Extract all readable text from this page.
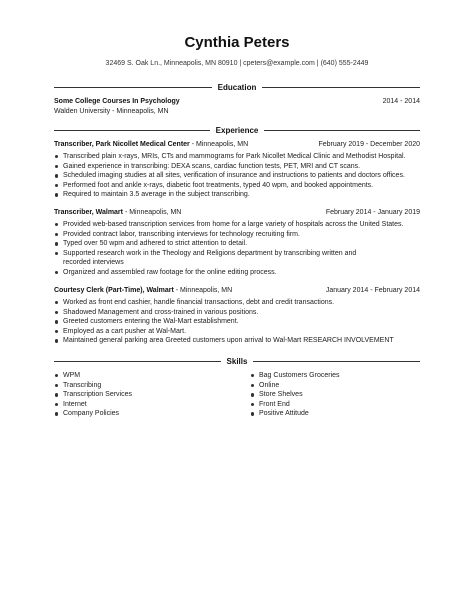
Cynthia Peters
32469 S. Oak Ln., Minneapolis, MN 80910 | cpeters@example.com | (640) 555-2449
Education
Some College Courses In Psychology	2014 - 2014
Walden University - Minneapolis, MN
Experience
Transcriber, Park Nicollet Medical Center - Minneapolis, MN	February 2019 - December 2020
Transcribed plain x-rays, MRIs, CTs and mammograms for Park Nicollet Medical Clinic and Methodist Hospital.
Gained experience in transcribing: DEXA scans, cardiac function tests, PET, MRI and CT scans.
Scheduled imaging studies at all sites, verification of insurance and instructions to patients and doctors offices.
Performed foot and ankle x-rays, diabetic foot treatments, typed 40 wpm, and booked appointments.
Required to maintain 3.5 average in the subject transcribing.
Transcriber, Walmart - Minneapolis, MN	February 2014 - January 2019
Provided web-based transcription services from home for a large variety of hospitals across the United States.
Provided contract labor, transcribing interviews for technology recruiting firm.
Typed over 50 wpm and adhered to strict attention to detail.
Supported research work in the Theology and Religions department by transcribing written and recorded interviews
Organized and assembled raw footage for the online editing process.
Courtesy Clerk (Part-Time), Walmart - Minneapolis, MN	January 2014 - February 2014
Worked as front end cashier, handle financial transactions, debt and credit transactions.
Shadowed Management and cross-trained in various positions.
Greeted customers entering the Wal-Mart establishment.
Employed as a cart pusher at Wal-Mart.
Maintained general parking area Greeted customers upon arrival to Wal-Mart RESEARCH INVOLVEMENT
Skills
WPM
Transcribing
Transcription Services
Internet
Company Policies
Bag Customers Groceries
Online
Store Shelves
Front End
Positive Attitude
